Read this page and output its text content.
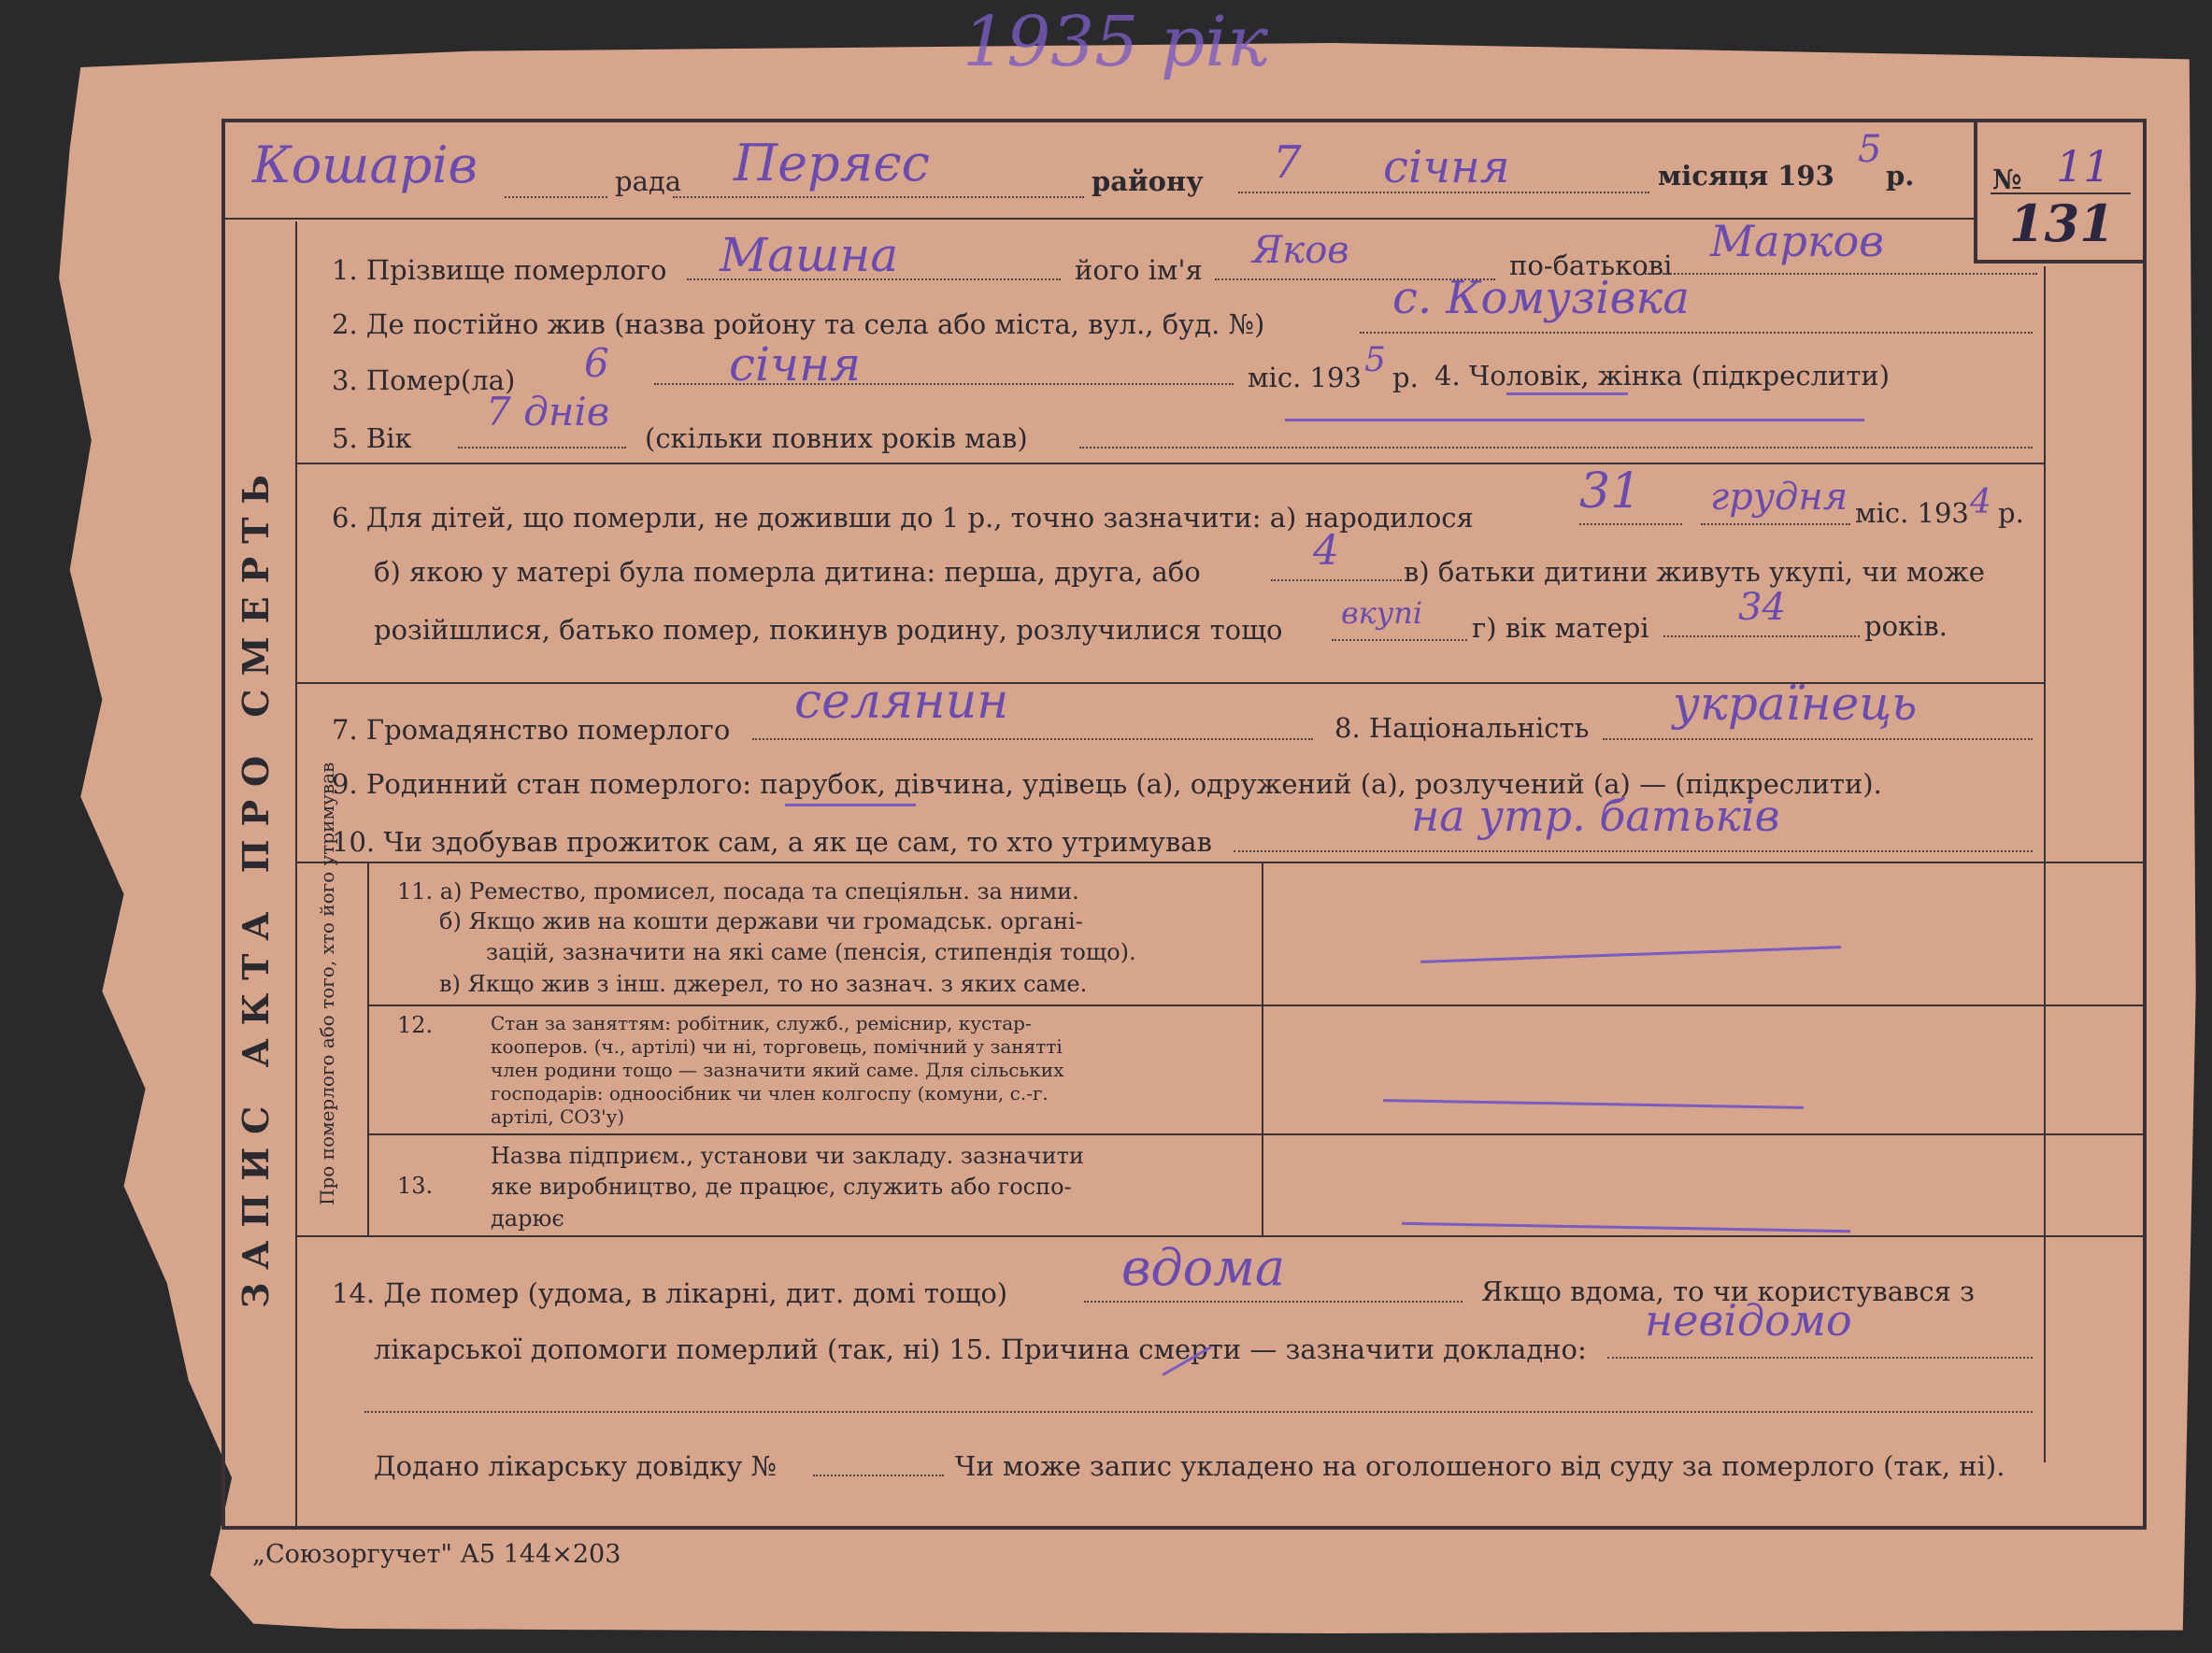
1935 рік
Кошарів	рада Перяєс	району 7 січня	місяця 193
5
р.	№ 11
131
ЗАПИС АКТА ПРО СМЕРТЬ
1. Прізвище померлого Машна	його ім'я Яков	по-батькові Марков
2. Де постійно жив (назва ройону та села або міста, вул., буд. №)	с. Комузівка
3. Помер(ла) 6	січня	міс. 193 5 р. 4. Чоловік, жінка (підкреслити)
5. Вік
7 днів
(скільки повних років мав)
6. Для дітей, що померли, не доживши до 1 р., точно зазначити: а) народилося 31 грудня міс. 193 4 р.
б) якою у матері була померла дитина: перша, друга, або	4 в) батьки дитини живуть укупі, чи може
розійшлися, батько помер, покинув родину, розлучилися тощо вкупі г) вік матері 34	років.
7. Громадянство померлого селянин	8. Національність українець
9. Родинний стан померлого: парубок, дівчина, удівець (а), одружений (а), розлучений (а) — (підкреслити).
10. Чи здобував прожиток сам, а як це сам, то хто утримував
на утр. батьків
Про померлого або того, хто його утримував	11. а) Ремество, промисел, посада та спеціяльн. за ними.
б) Якщо жив на кошти держави чи громадськ. органі-
зацій, зазначити на які саме (пенсія, стипендія тощо).
в) Якщо жив з інш. джерел, то но зазнач. з яких саме.
12.	Стан за заняттям: робітник, служб., реміснир, кустар-
кооперов. (ч., артілі) чи ні, торговець, помічний у занятті
член родини тощо — зазначити який саме. Для сільських
господарів: одноосібник чи член колгоспу (комуни, с.-г.
артілі, СОЗ'у)
13.
Назва підприєм., установи чи закладу. зазначити
яке виробництво, де працює, служить або госпо-
дарює
14. Де помер (удома, в лікарні, дит. домі тощо) вдома	Якщо вдома, то чи користувався з
лікарської допомоги померлий (так, ні) 15. Причина смерти — зазначити докладно:
невідомо
Додано лікарську довідку №	Чи може запис укладено на оголошеного від суду за померлого (так, ні).
„Союзоргучет" А5 144×203
